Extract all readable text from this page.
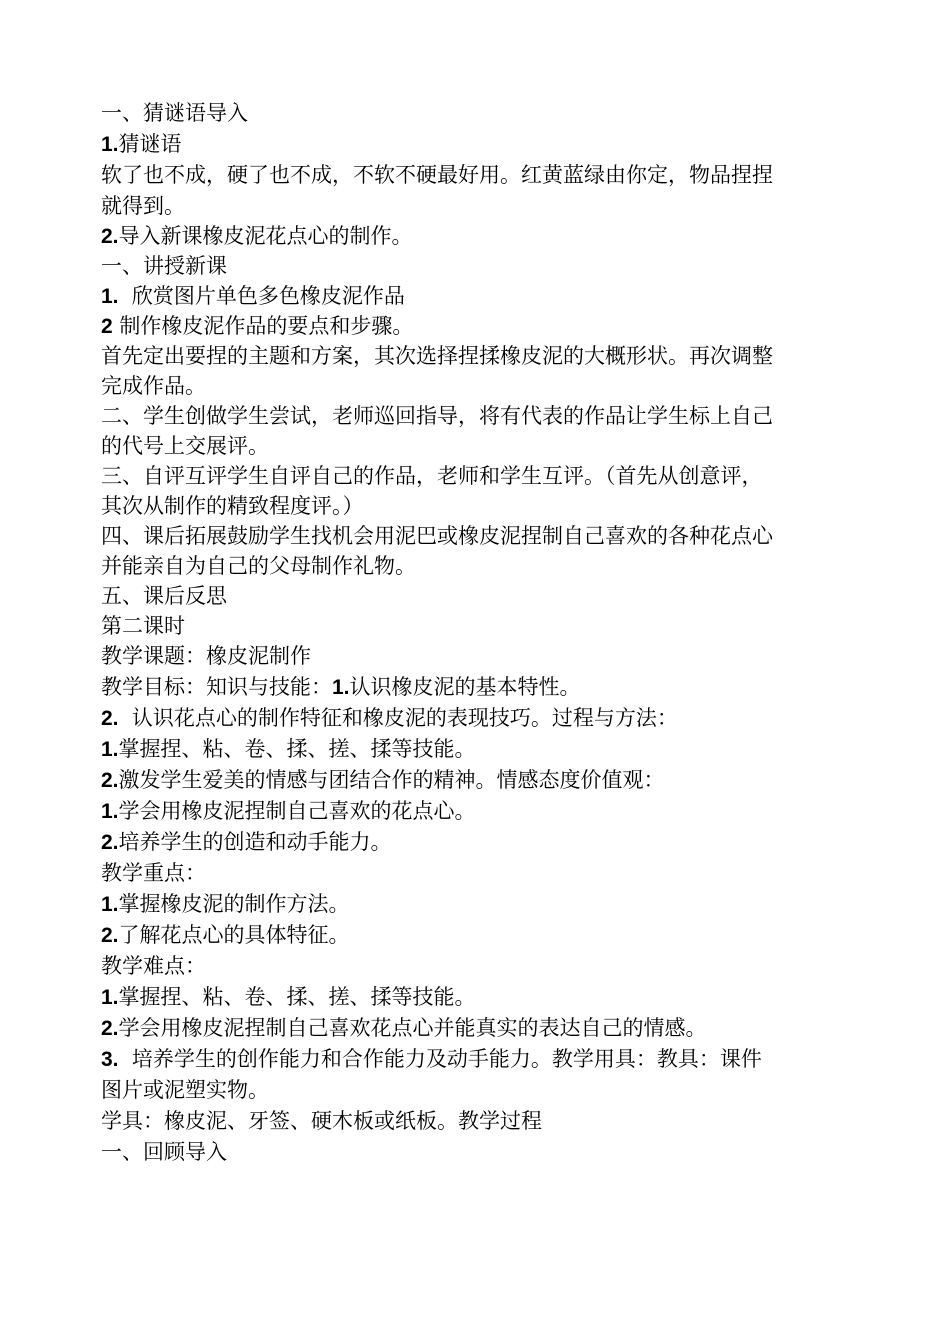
一、猜谜语导入
1.猜谜语
软了也不成，硬了也不成，不软不硬最好用。红黄蓝绿由你定，物品捏捏
就得到。
2.导入新课橡皮泥花点心的制作。
一、讲授新课
1.  欣赏图片单色多色橡皮泥作品
2 制作橡皮泥作品的要点和步骤。
首先定出要捏的主题和方案，其次选择捏揉橡皮泥的大概形状。再次调整
完成作品。
二、学生创做学生尝试，老师巡回指导，将有代表的作品让学生标上自己
的代号上交展评。
三、自评互评学生自评自己的作品，老师和学生互评。（首先从创意评，
其次从制作的精致程度评。）
四、课后拓展鼓励学生找机会用泥巴或橡皮泥捏制自己喜欢的各种花点心
并能亲自为自己的父母制作礼物。
五、课后反思
第二课时
教学课题：橡皮泥制作
教学目标：知识与技能：1.认识橡皮泥的基本特性。
2.  认识花点心的制作特征和橡皮泥的表现技巧。过程与方法：
1.掌握捏、粘、卷、揉、搓、揉等技能。
2.激发学生爱美的情感与团结合作的精神。情感态度价值观：
1.学会用橡皮泥捏制自己喜欢的花点心。
2.培养学生的创造和动手能力。
教学重点：
1.掌握橡皮泥的制作方法。
2.了解花点心的具体特征。
教学难点：
1.掌握捏、粘、卷、揉、搓、揉等技能。
2.学会用橡皮泥捏制自己喜欢花点心并能真实的表达自己的情感。
3.  培养学生的创作能力和合作能力及动手能力。教学用具：教具：课件
图片或泥塑实物。
学具：橡皮泥、牙签、硬木板或纸板。教学过程
一、回顾导入
